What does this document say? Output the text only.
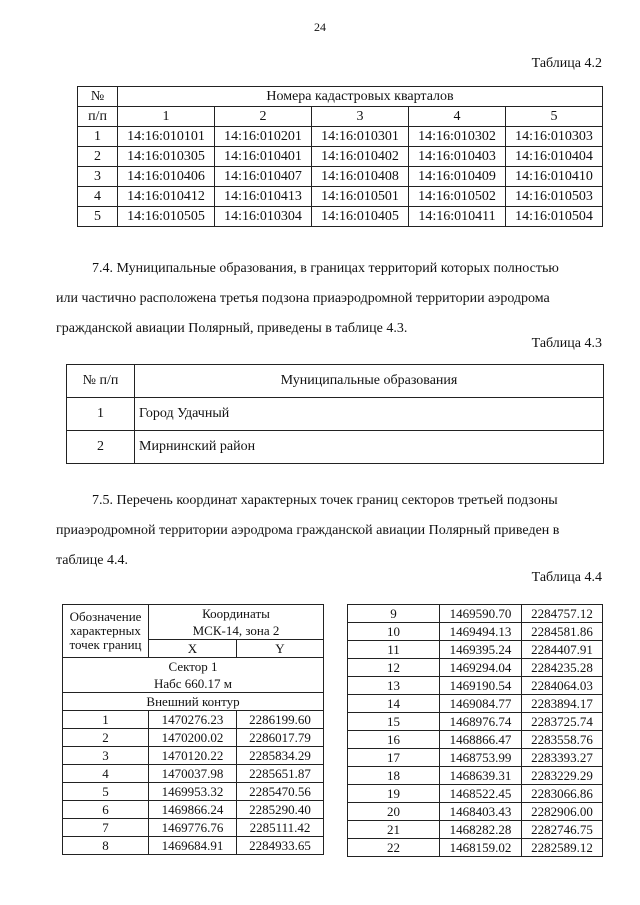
24
Таблица 4.2
№	Номера кадастровых кварталов				
п/п	1	2	3	4	5
1	14:16:010101	14:16:010201	14:16:010301	14:16:010302	14:16:010303
2	14:16:010305	14:16:010401	14:16:010402	14:16:010403	14:16:010404
3	14:16:010406	14:16:010407	14:16:010408	14:16:010409	14:16:010410
4	14:16:010412	14:16:010413	14:16:010501	14:16:010502	14:16:010503
5	14:16:010505	14:16:010304	14:16:010405	14:16:010411	14:16:010504

7.4. Муниципальные образования, в границах территорий которых полностью

или частично расположена третья подзона приаэродромной территории аэродрома

гражданской авиации Полярный, приведены в таблице 4.3.

Таблица 4.3
№ п/п	Муниципальные образования
1	Город Удачный
2	Мирнинский район

7.5. Перечень координат характерных точек границ секторов третьей подзоны

приаэродромной территории аэродрома гражданской авиации Полярный приведен в

таблице 4.4.

Таблица 4.4
Обозначение характерных точек границ	Координаты	
	МСК-14, зона 2	
	X	Y
Сектор 1		
Набс 660.17 м		
Внешний контур		
1	1470276.23	2286199.60
2	1470200.02	2286017.79
3	1470120.22	2285834.29
4	1470037.98	2285651.87
5	1469953.32	2285470.56
6	1469866.24	2285290.40
7	1469776.76	2285111.42
8	1469684.91	2284933.65
9	1469590.70	2284757.12
10	1469494.13	2284581.86
11	1469395.24	2284407.91
12	1469294.04	2284235.28
13	1469190.54	2284064.03
14	1469084.77	2283894.17
15	1468976.74	2283725.74
16	1468866.47	2283558.76
17	1468753.99	2283393.27
18	1468639.31	2283229.29
19	1468522.45	2283066.86
20	1468403.43	2282906.00
21	1468282.28	2282746.75
22	1468159.02	2282589.12
